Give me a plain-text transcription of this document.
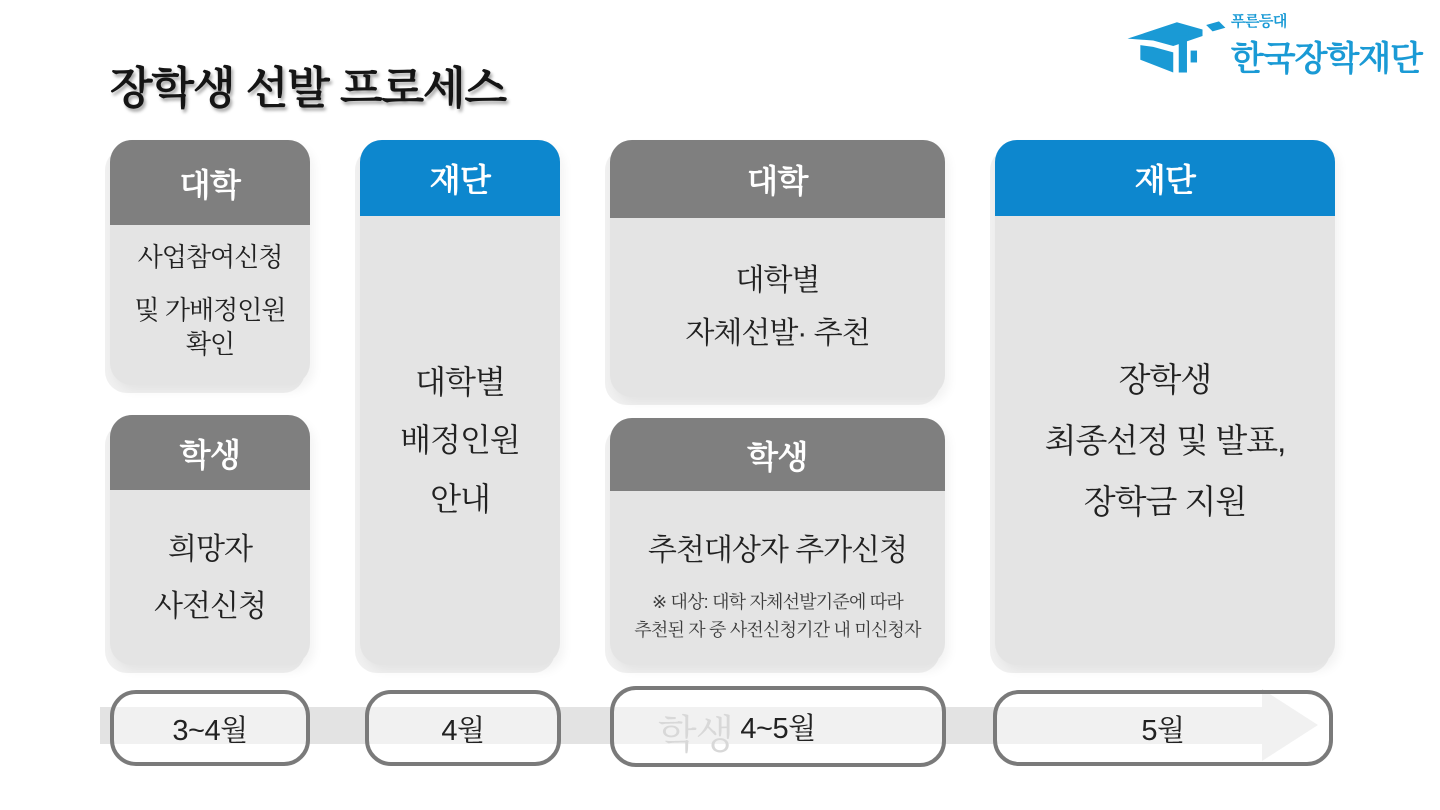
장학생 선발 프로세스
푸른등대
한국장학재단
대학
사업참여신청
및 가배정인원
확인
학생
희망자
사전신청
재단
대학별
배정인원
안내
대학
대학별
자체선발· 추천
학생
추천대상자 추가신청
※ 대상: 대학 자체선발기준에 따라
추천된 자 중 사전신청기간 내 미신청자
재단
장학생
최종선정 및 발표,
장학금 지원
3~4월	4월	학생 4~5월	5월
